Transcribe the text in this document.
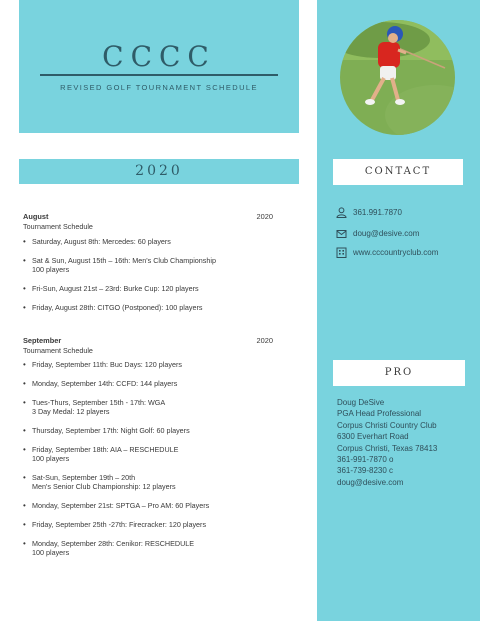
CCCC
REVISED GOLF TOURNAMENT SCHEDULE
2020	CONTACT
361.991.7870
doug@desive.com
www.cccountryclub.com
PRO
Doug DeSive
PGA Head Professional
Corpus Christi Country Club
6300 Everhart Road
Corpus Christi, Texas 78413
361-991-7870 o
361-739-8230 c
doug@desive.com
August	2020
Tournament Schedule
• Saturday, August 8th: Mercedes: 60 players
• Sat & Sun, August 15th – 16th: Men's Club Championship
100 players
• Fri-Sun, August 21st – 23rd: Burke Cup: 120 players
• Friday, August 28th: CITGO (Postponed): 100 players
September	2020
Tournament Schedule
• Friday, September 11th: Buc Days: 120 players
• Monday, September 14th: CCFD: 144 players
• Tues-Thurs, September 15th - 17th: WGA
3 Day Medal: 12 players
• Thursday, September 17th: Night Golf: 60 players
• Friday, September 18th: AIA – RESCHEDULE
100 players
• Sat-Sun, September 19th – 20th
Men's Senior Club Championship: 12 players
• Monday, September 21st: SPTGA – Pro AM: 60 Players
• Friday, September 25th -27th: Firecracker: 120 players
• Monday, September 28th: Cenikor: RESCHEDULE
100 players
